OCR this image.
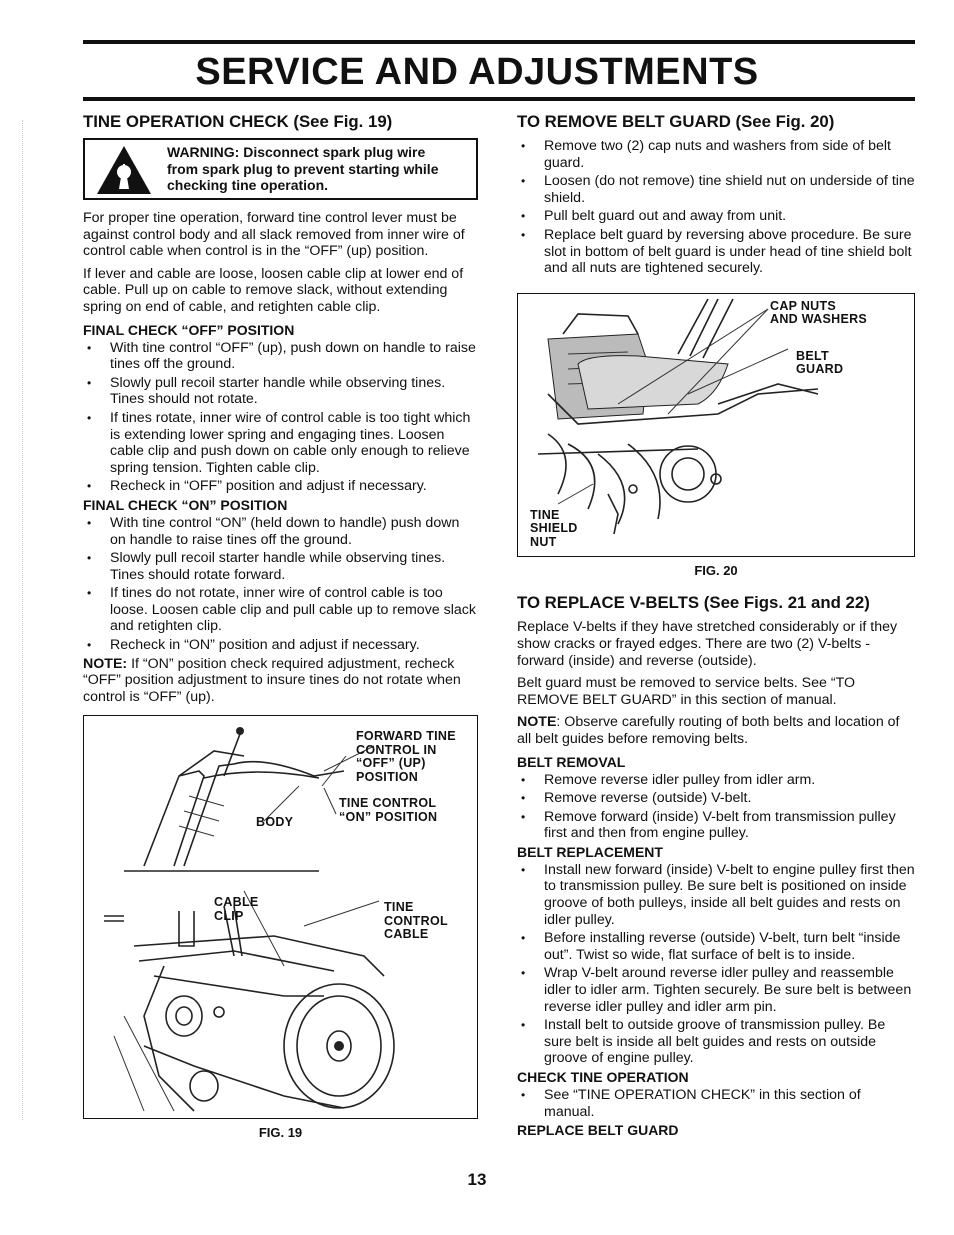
SERVICE AND ADJUSTMENTS
TINE OPERATION CHECK (See Fig. 19)
WARNING: Disconnect spark plug wire from spark plug to prevent starting while checking tine operation.

For proper tine operation, forward tine control lever must be against control body and all slack removed from inner wire of control cable when control is in the “OFF” (up) position.

If lever and cable are loose, loosen cable clip at lower end of cable. Pull up on cable to remove slack, without extending spring on end of cable, and retighten cable clip.

FINAL CHECK “OFF” POSITION
• With tine control “OFF” (up), push down on handle to raise tines off the ground.
• Slowly pull recoil starter handle while observing tines. Tines should not rotate.
• If tines rotate, inner wire of control cable is too tight which is extending lower spring and engaging tines. Loosen cable clip and push down on cable only enough to relieve spring tension. Tighten cable clip.
• Recheck in “OFF” position and adjust if necessary.
FINAL CHECK “ON” POSITION
• With tine control “ON” (held down to handle) push down on handle to raise tines off the ground.
• Slowly pull recoil starter handle while observing tines. Tines should rotate forward.
• If tines do not rotate, inner wire of control cable is too loose. Loosen cable clip and pull cable up to remove slack and retighten clip.
• Recheck in “ON” position and adjust if necessary.

NOTE: If “ON” position check required adjustment, recheck “OFF” position adjustment to insure tines do not rotate when control is “OFF” (up).

FORWARD TINE
CONTROL IN
“OFF” (UP)
POSITION
TINE CONTROL
“ON” POSITION
BODY
CABLE
CLIP
TINE
CONTROL
CABLE
FIG. 19
TO REMOVE BELT GUARD (See Fig. 20)
• Remove two (2) cap nuts and washers from side of belt guard.
• Loosen (do not remove) tine shield nut on underside of tine shield.
• Pull belt guard out and away from unit.
• Replace belt guard by reversing above procedure. Be sure slot in bottom of belt guard is under head of tine shield bolt and all nuts are tightened securely.
CAP NUTS
AND WASHERS
BELT
GUARD
TINE
SHIELD
NUT
FIG. 20
TO REPLACE V-BELTS (See Figs. 21 and 22)

Replace V-belts if they have stretched considerably or if they show cracks or frayed edges. There are two (2) V-belts - forward (inside) and reverse (outside).

Belt guard must be removed to service belts. See “TO REMOVE BELT GUARD” in this section of manual.

NOTE: Observe carefully routing of both belts and location of all belt guides before removing belts.

BELT REMOVAL
• Remove reverse idler pulley from idler arm.
• Remove reverse (outside) V-belt.
• Remove forward (inside) V-belt from transmission pulley first and then from engine pulley.
BELT REPLACEMENT
• Install new forward (inside) V-belt to engine pulley first then to transmission pulley. Be sure belt is positioned on inside groove of both pulleys, inside all belt guides and rests on idler pulley.
• Before installing reverse (outside) V-belt, turn belt “inside out”. Twist so wide, flat surface of belt is to inside.
• Wrap V-belt around reverse idler pulley and reassemble idler to idler arm. Tighten securely. Be sure belt is between reverse idler pulley and idler arm pin.
• Install belt to outside groove of transmission pulley. Be sure belt is inside all belt guides and rests on outside groove of engine pulley.
CHECK TINE OPERATION
• See “TINE OPERATION CHECK” in this section of manual.
REPLACE BELT GUARD
13
